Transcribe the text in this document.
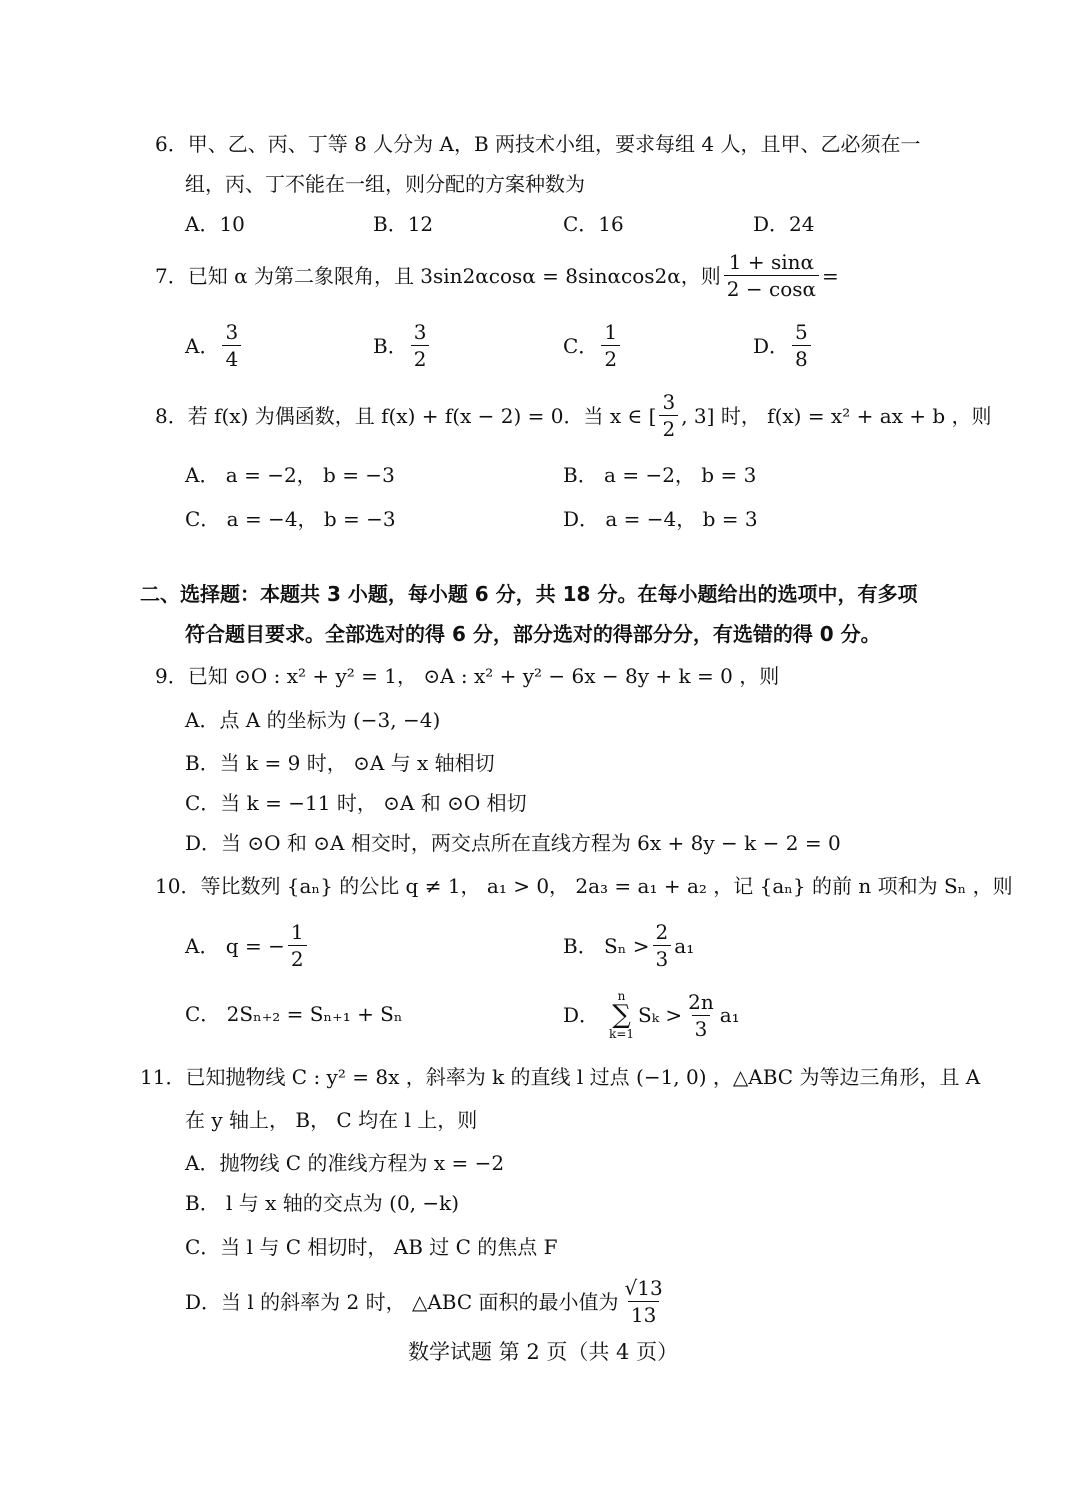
6．甲、乙、丙、丁等 8 人分为 A，B 两技术小组，要求每组 4 人，且甲、乙必须在一
组，丙、丁不能在一组，则分配的方案种数为
A．10	B．12	C．16	D．24
7．已知 α 为第二象限角，且 3sin2αcosα = 8sinαcos2α，则 $\frac{1 + \sin\alpha}{2 - \cos\alpha}$ =
A． $\frac{3}{4}$	B． $\frac{3}{2}$	C． $\frac{1}{2}$	D． $\frac{5}{8}$
8．若 f(x) 为偶函数，且 f(x) + f(x − 2) = 0．当 x ∈ [ $\frac{3}{2}$ , 3] 时， f(x) = x² + ax + b ，则
A． a = −2， b = −3	B． a = −2， b = 3
C． a = −4， b = −3	D． a = −4， b = 3
二、选择题：本题共 3 小题，每小题 6 分，共 18 分。在每小题给出的选项中，有多项
符合题目要求。全部选对的得 6 分，部分选对的得部分分，有选错的得 0 分。
9．已知 ⊙O : x² + y² = 1， ⊙A : x² + y² − 6x − 8y + k = 0 ，则
A．点 A 的坐标为 (−3, −4)
B．当 k = 9 时， ⊙A 与 x 轴相切
C．当 k = −11 时， ⊙A 和 ⊙O 相切
D．当 ⊙O 和 ⊙A 相交时，两交点所在直线方程为 6x + 8y − k − 2 = 0
10．等比数列 {aₙ} 的公比 q ≠ 1， a₁ > 0， 2a₃ = a₁ + a₂ ，记 {aₙ} 的前 n 项和为 Sₙ ，则
A． q = − $\frac{1}{2}$	B． $S_n > \frac{2}{3} a_1$
C． 2Sₙ₊₂ = Sₙ₊₁ + Sₙ	D．
n
∑
k=1
$S_k > \frac{2n}{3} a_1$
11．已知抛物线 C : y² = 8x ，斜率为 k 的直线 l 过点 (−1, 0) ，△ABC 为等边三角形，且 A
在 y 轴上， B， C 均在 l 上，则
A．抛物线 C 的准线方程为 x = −2
B． l 与 x 轴的交点为 (0, −k)
C．当 l 与 C 相切时， AB 过 C 的焦点 F
D．当 l 的斜率为 2 时， △ABC 面积的最小值为 $\frac{√13}{13}$
数学试题 第 2 页（共 4 页）
